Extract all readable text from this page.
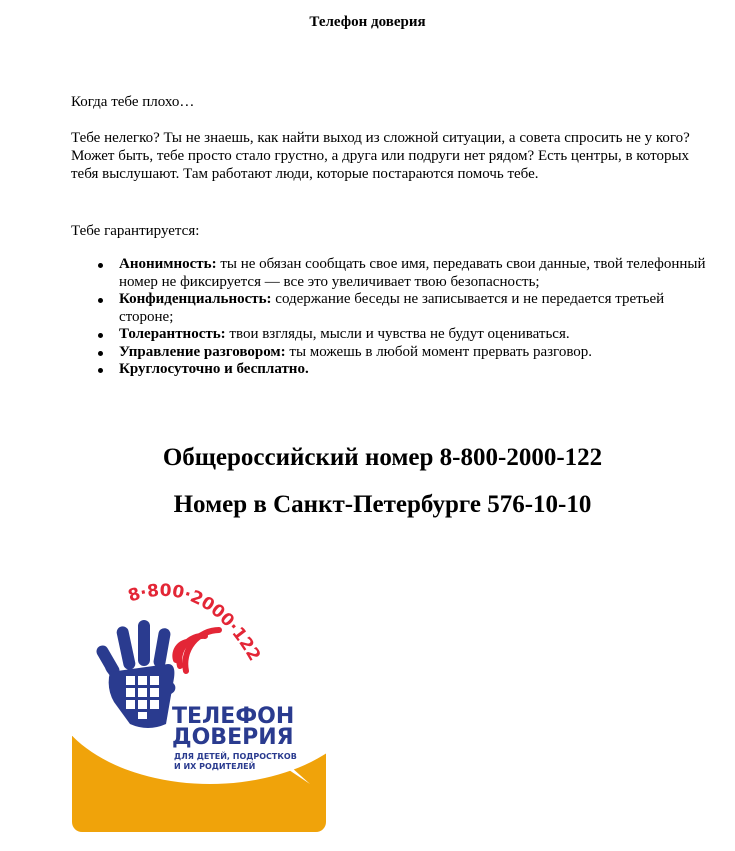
Телефон доверия
Когда тебе плохо…
Тебе нелегко? Ты не знаешь, как найти выход из сложной ситуации, а совета спросить не у кого? Может быть, тебе просто стало грустно, а друга или подруги нет рядом? Есть центры, в которых тебя выслушают. Там работают люди, которые постараются помочь тебе.
Тебе гарантируется:
Анонимность: ты не обязан сообщать свое имя, передавать свои данные, твой телефонный номер не фиксируется — все это увеличивает твою безопасность;
Конфиденциальность: содержание беседы не записывается и не передается третьей стороне;
Толерантность: твои взгляды, мысли и чувства не будут оцениваться.
Управление разговором: ты можешь в любой момент прервать разговор.
Круглосуточно и бесплатно.
Общероссийский номер 8-800-2000-122
Номер в Санкт-Петербурге 576-10-10
8·800·2000·122
ТЕЛЕФОН
ДОВЕРИЯ
ДЛЯ ДЕТЕЙ, ПОДРОСТКОВ
И ИХ РОДИТЕЛЕЙ
